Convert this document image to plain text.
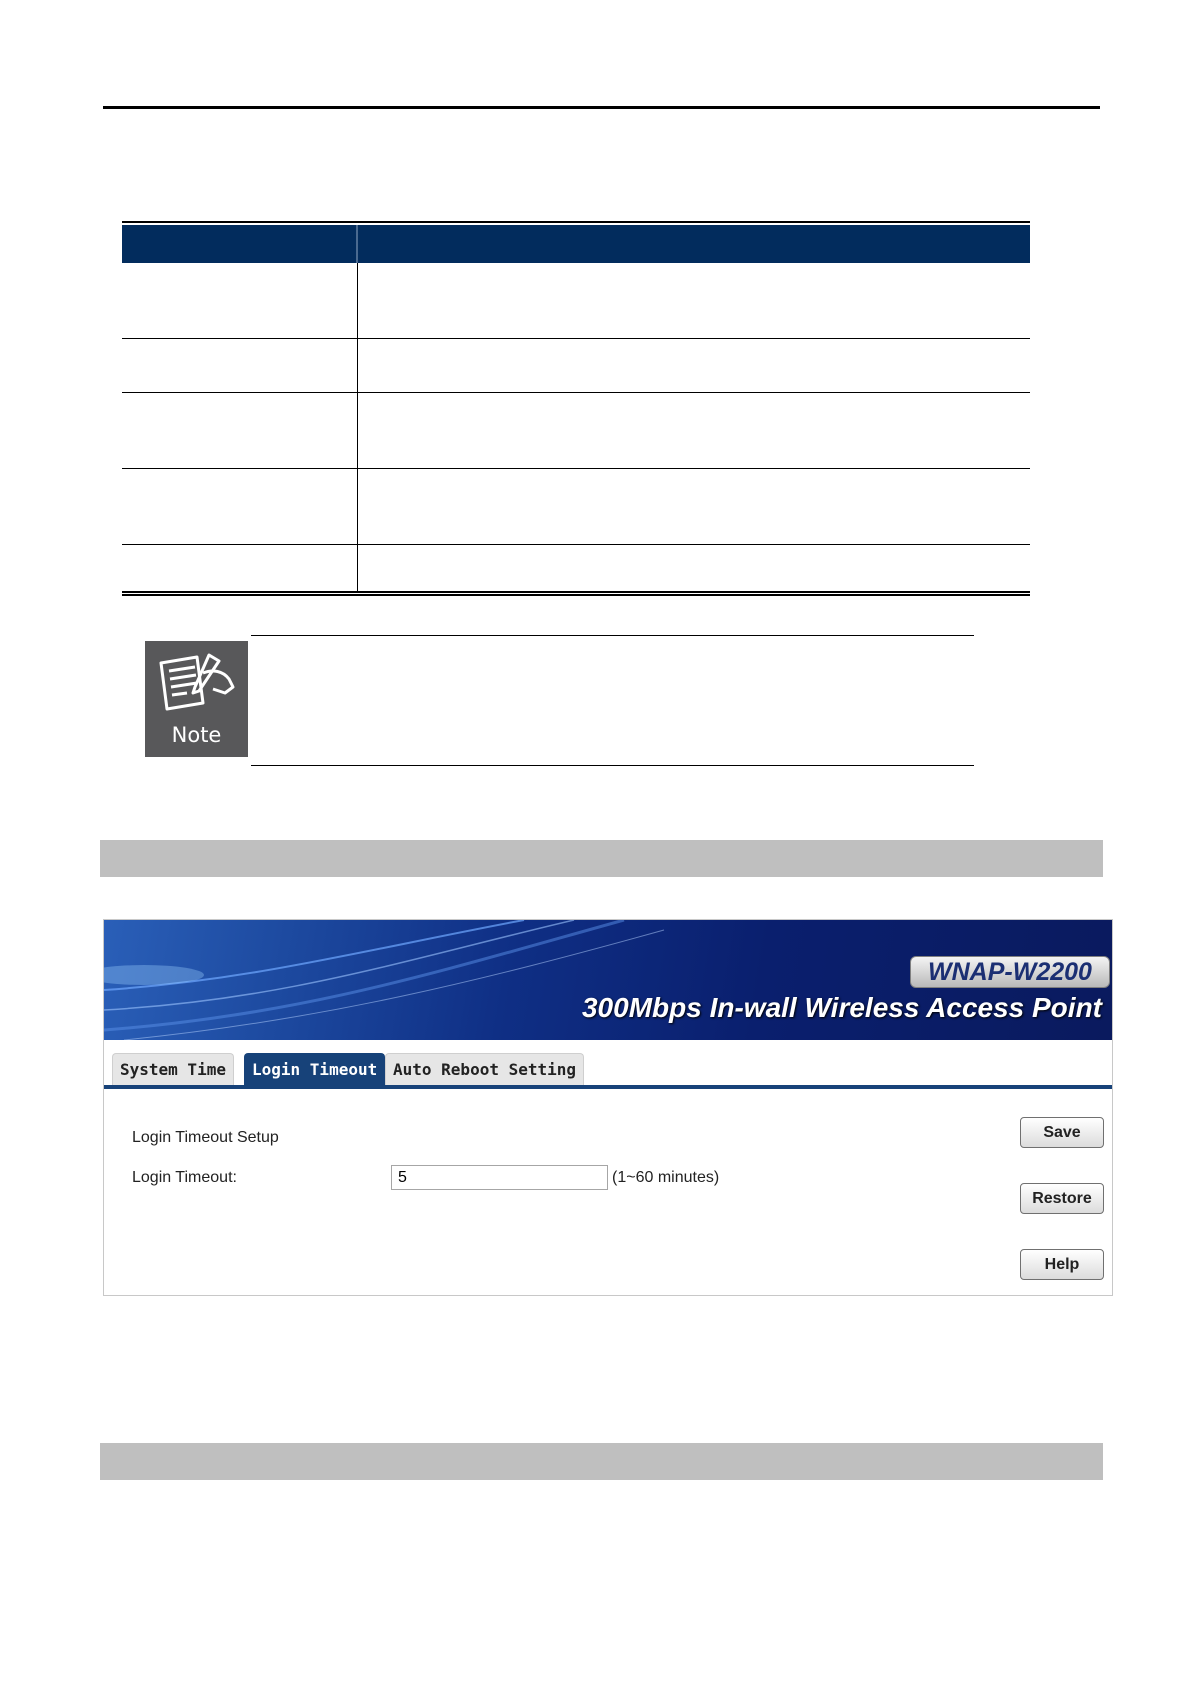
Note
WNAP-W2200
300Mbps In-wall Wireless Access Point
System Time	Login Timeout Auto Reboot Setting
Login Timeout Setup
Login Timeout:
5	(1~60 minutes)
Save
Restore
Help
